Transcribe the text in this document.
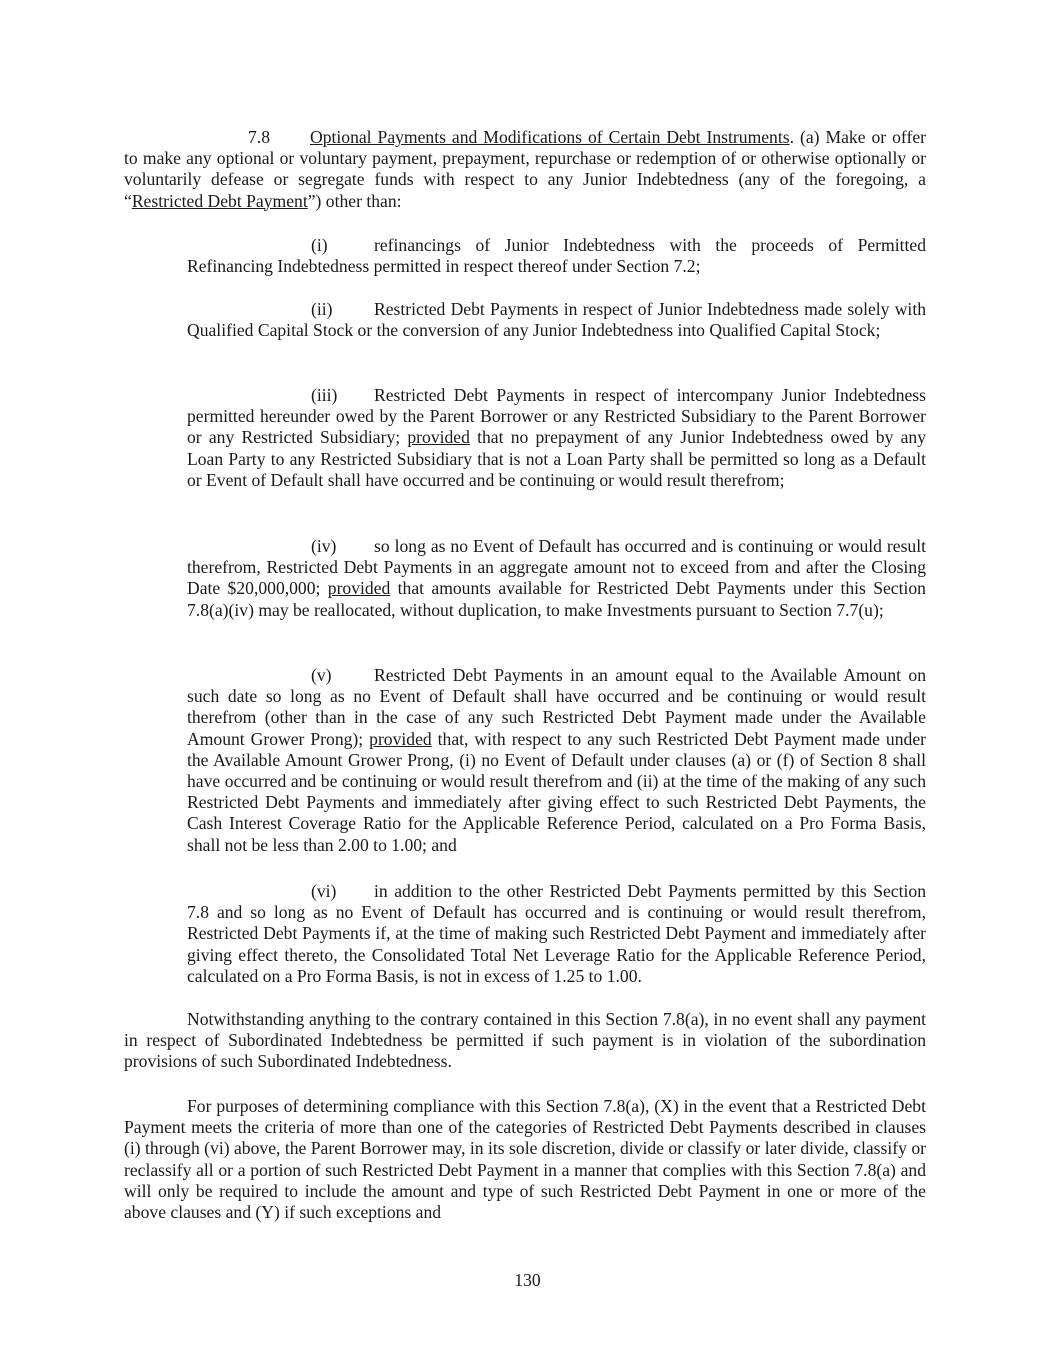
7.8 Optional Payments and Modifications of Certain Debt Instruments. (a) Make or offer to make any optional or voluntary payment, prepayment, repurchase or redemption of or otherwise optionally or voluntarily defease or segregate funds with respect to any Junior Indebtedness (any of the foregoing, a “Restricted Debt Payment”) other than:

(i)	refinancings of Junior Indebtedness with the proceeds of Permitted Refinancing Indebtedness permitted in respect thereof under Section 7.2;

(ii) Restricted Debt Payments in respect of Junior Indebtedness made solely with Qualified Capital Stock or the conversion of any Junior Indebtedness into Qualified Capital Stock;

(iii) Restricted Debt Payments in respect of intercompany Junior Indebtedness permitted hereunder owed by the Parent Borrower or any Restricted Subsidiary to the Parent Borrower or any Restricted Subsidiary; provided that no prepayment of any Junior Indebtedness owed by any Loan Party to any Restricted Subsidiary that is not a Loan Party shall be permitted so long as a Default or Event of Default shall have occurred and be continuing or would result therefrom;

(iv) so long as no Event of Default has occurred and is continuing or would result therefrom, Restricted Debt Payments in an aggregate amount not to exceed from and after the Closing Date $20,000,000; provided that amounts available for Restricted Debt Payments under this Section 7.8(a)(iv) may be reallocated, without duplication, to make Investments pursuant to Section 7.7(u);

(v) Restricted Debt Payments in an amount equal to the Available Amount on such date so long as no Event of Default shall have occurred and be continuing or would result therefrom (other than in the case of any such Restricted Debt Payment made under the Available Amount Grower Prong); provided that, with respect to any such Restricted Debt Payment made under the Available Amount Grower Prong, (i) no Event of Default under clauses (a) or (f) of Section 8 shall have occurred and be continuing or would result therefrom and (ii) at the time of the making of any such Restricted Debt Payments and immediately after giving effect to such Restricted Debt Payments, the Cash Interest Coverage Ratio for the Applicable Reference Period, calculated on a Pro Forma Basis, shall not be less than 2.00 to 1.00; and

(vi) in addition to the other Restricted Debt Payments permitted by this Section 7.8 and so long as no Event of Default has occurred and is continuing or would result therefrom, Restricted Debt Payments if, at the time of making such Restricted Debt Payment and immediately after giving effect thereto, the Consolidated Total Net Leverage Ratio for the Applicable Reference Period, calculated on a Pro Forma Basis, is not in excess of 1.25 to 1.00.

Notwithstanding anything to the contrary contained in this Section 7.8(a), in no event shall any payment in respect of Subordinated Indebtedness be permitted if such payment is in violation of the subordination provisions of such Subordinated Indebtedness.

For purposes of determining compliance with this Section 7.8(a), (X) in the event that a Restricted Debt Payment meets the criteria of more than one of the categories of Restricted Debt Payments described in clauses (i) through (vi) above, the Parent Borrower may, in its sole discretion, divide or classify or later divide, classify or reclassify all or a portion of such Restricted Debt Payment in a manner that complies with this Section 7.8(a) and will only be required to include the amount and type of such Restricted Debt Payment in one or more of the above clauses and (Y) if such exceptions and

130
